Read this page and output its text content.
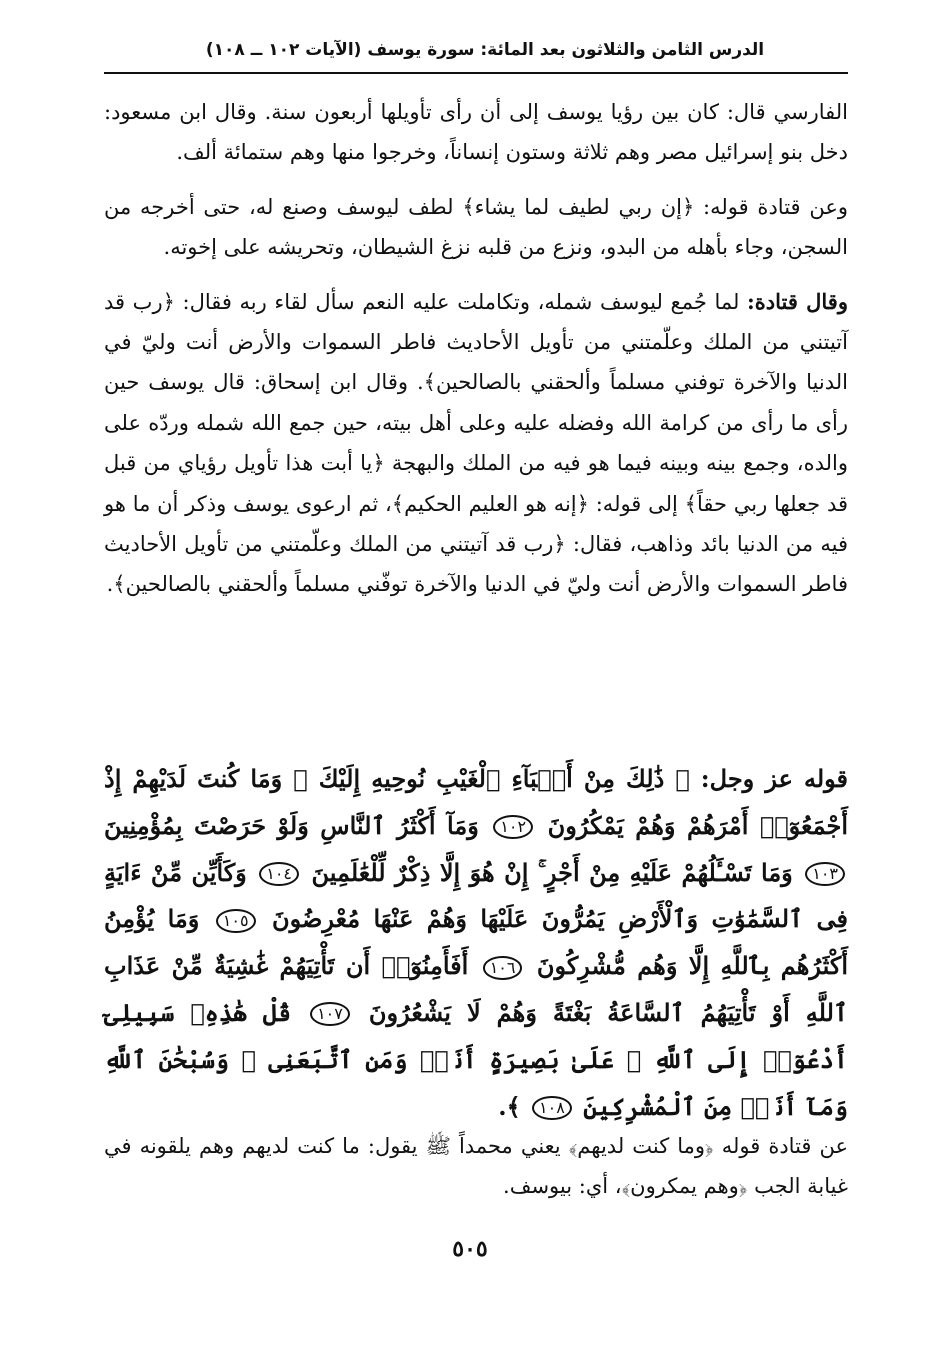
الدرس الثامن والثلاثون بعد المائة: سورة يوسف (الآيات ١٠٢ ــ ١٠٨)

الفارسي قال: كان بين رؤيا يوسف إلى أن رأى تأويلها أربعون سنة. وقال ابن مسعود: دخل بنو إسرائيل مصر وهم ثلاثة وستون إنساناً، وخرجوا منها وهم ستمائة ألف.

وعن قتادة قوله: ﴿إن ربي لطيف لما يشاء﴾ لطف ليوسف وصنع له، حتى أخرجه من السجن، وجاء بأهله من البدو، ونزع من قلبه نزغ الشيطان، وتحريشه على إخوته.

وقال قتادة: لما جُمع ليوسف شمله، وتكاملت عليه النعم سأل لقاء ربه فقال: ﴿رب قد آتيتني من الملك وعلّمتني من تأويل الأحاديث فاطر السموات والأرض أنت وليّ في الدنيا والآخرة توفني مسلماً وألحقني بالصالحين﴾. وقال ابن إسحاق: قال يوسف حين رأى ما رأى من كرامة الله وفضله عليه وعلى أهل بيته، حين جمع الله شمله وردّه على والده، وجمع بينه وبينه فيما هو فيه من الملك والبهجة ﴿يا أبت هذا تأويل رؤياي من قبل قد جعلها ربي حقاً﴾ إلى قوله: ﴿إنه هو العليم الحكيم﴾، ثم ارعوى يوسف وذكر أن ما هو فيه من الدنيا بائد وذاهب، فقال: ﴿رب قد آتيتني من الملك وعلّمتني من تأويل الأحاديث فاطر السموات والأرض أنت وليّ في الدنيا والآخرة توفّني مسلماً وألحقني بالصالحين﴾.

قوله عز وجل: ﴿ ذَٰلِكَ مِنْ أَنۢبَآءِ ٱلْغَيْبِ نُوحِيهِ إِلَيْكَ ۖ وَمَا كُنتَ لَدَيْهِمْ إِذْ أَجْمَعُوٓا۟ أَمْرَهُمْ وَهُمْ يَمْكُرُونَ ١٠٢ وَمَآ أَكْثَرُ ٱلنَّاسِ وَلَوْ حَرَصْتَ بِمُؤْمِنِينَ ١٠٣ وَمَا تَسْـَٔلُهُمْ عَلَيْهِ مِنْ أَجْرٍ ۚ إِنْ هُوَ إِلَّا ذِكْرٌ لِّلْعَٰلَمِينَ ١٠٤ وَكَأَيِّن مِّنْ ءَايَةٍ فِى ٱلسَّمَٰوَٰتِ وَٱلْأَرْضِ يَمُرُّونَ عَلَيْهَا وَهُمْ عَنْهَا مُعْرِضُونَ ١٠٥ وَمَا يُؤْمِنُ أَكْثَرُهُم بِٱللَّهِ إِلَّا وَهُم مُّشْرِكُونَ ١٠٦ أَفَأَمِنُوٓا۟ أَن تَأْتِيَهُمْ غَٰشِيَةٌ مِّنْ عَذَابِ ٱللَّهِ أَوْ تَأْتِيَهُمُ ٱلسَّاعَةُ بَغْتَةً وَهُمْ لَا يَشْعُرُونَ ١٠٧ قُلْ هَٰذِهِۦ سَبِيلِىٓ أَدْعُوٓا۟ إِلَى ٱللَّهِ ۚ عَلَىٰ بَصِيرَةٍ أَنَا۠ وَمَنِ ٱتَّبَعَنِى ۖ وَسُبْحَٰنَ ٱللَّهِ وَمَآ أَنَا۠ مِنَ ٱلْمُشْرِكِينَ ١٠٨ ﴾.

عن قتادة قوله ﴿وما كنت لديهم﴾ يعني محمداً ﷺ يقول: ما كنت لديهم وهم يلقونه في غيابة الجب ﴿وهم يمكرون﴾، أي: بيوسف.

٥٠٥
